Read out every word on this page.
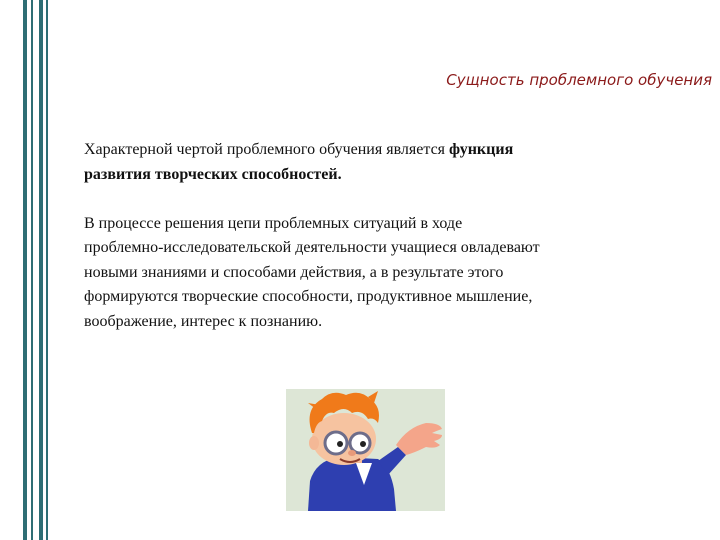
Сущность проблемного обучения

Характерной чертой проблемного обучения является функция
развития творческих способностей.

В процессе решения цепи проблемных ситуаций в ходе
проблемно-исследовательской деятельности учащиеся овладевают
новыми знаниями и способами действия, а в результате этого
формируются творческие способности, продуктивное мышление,
воображение, интерес к познанию.
